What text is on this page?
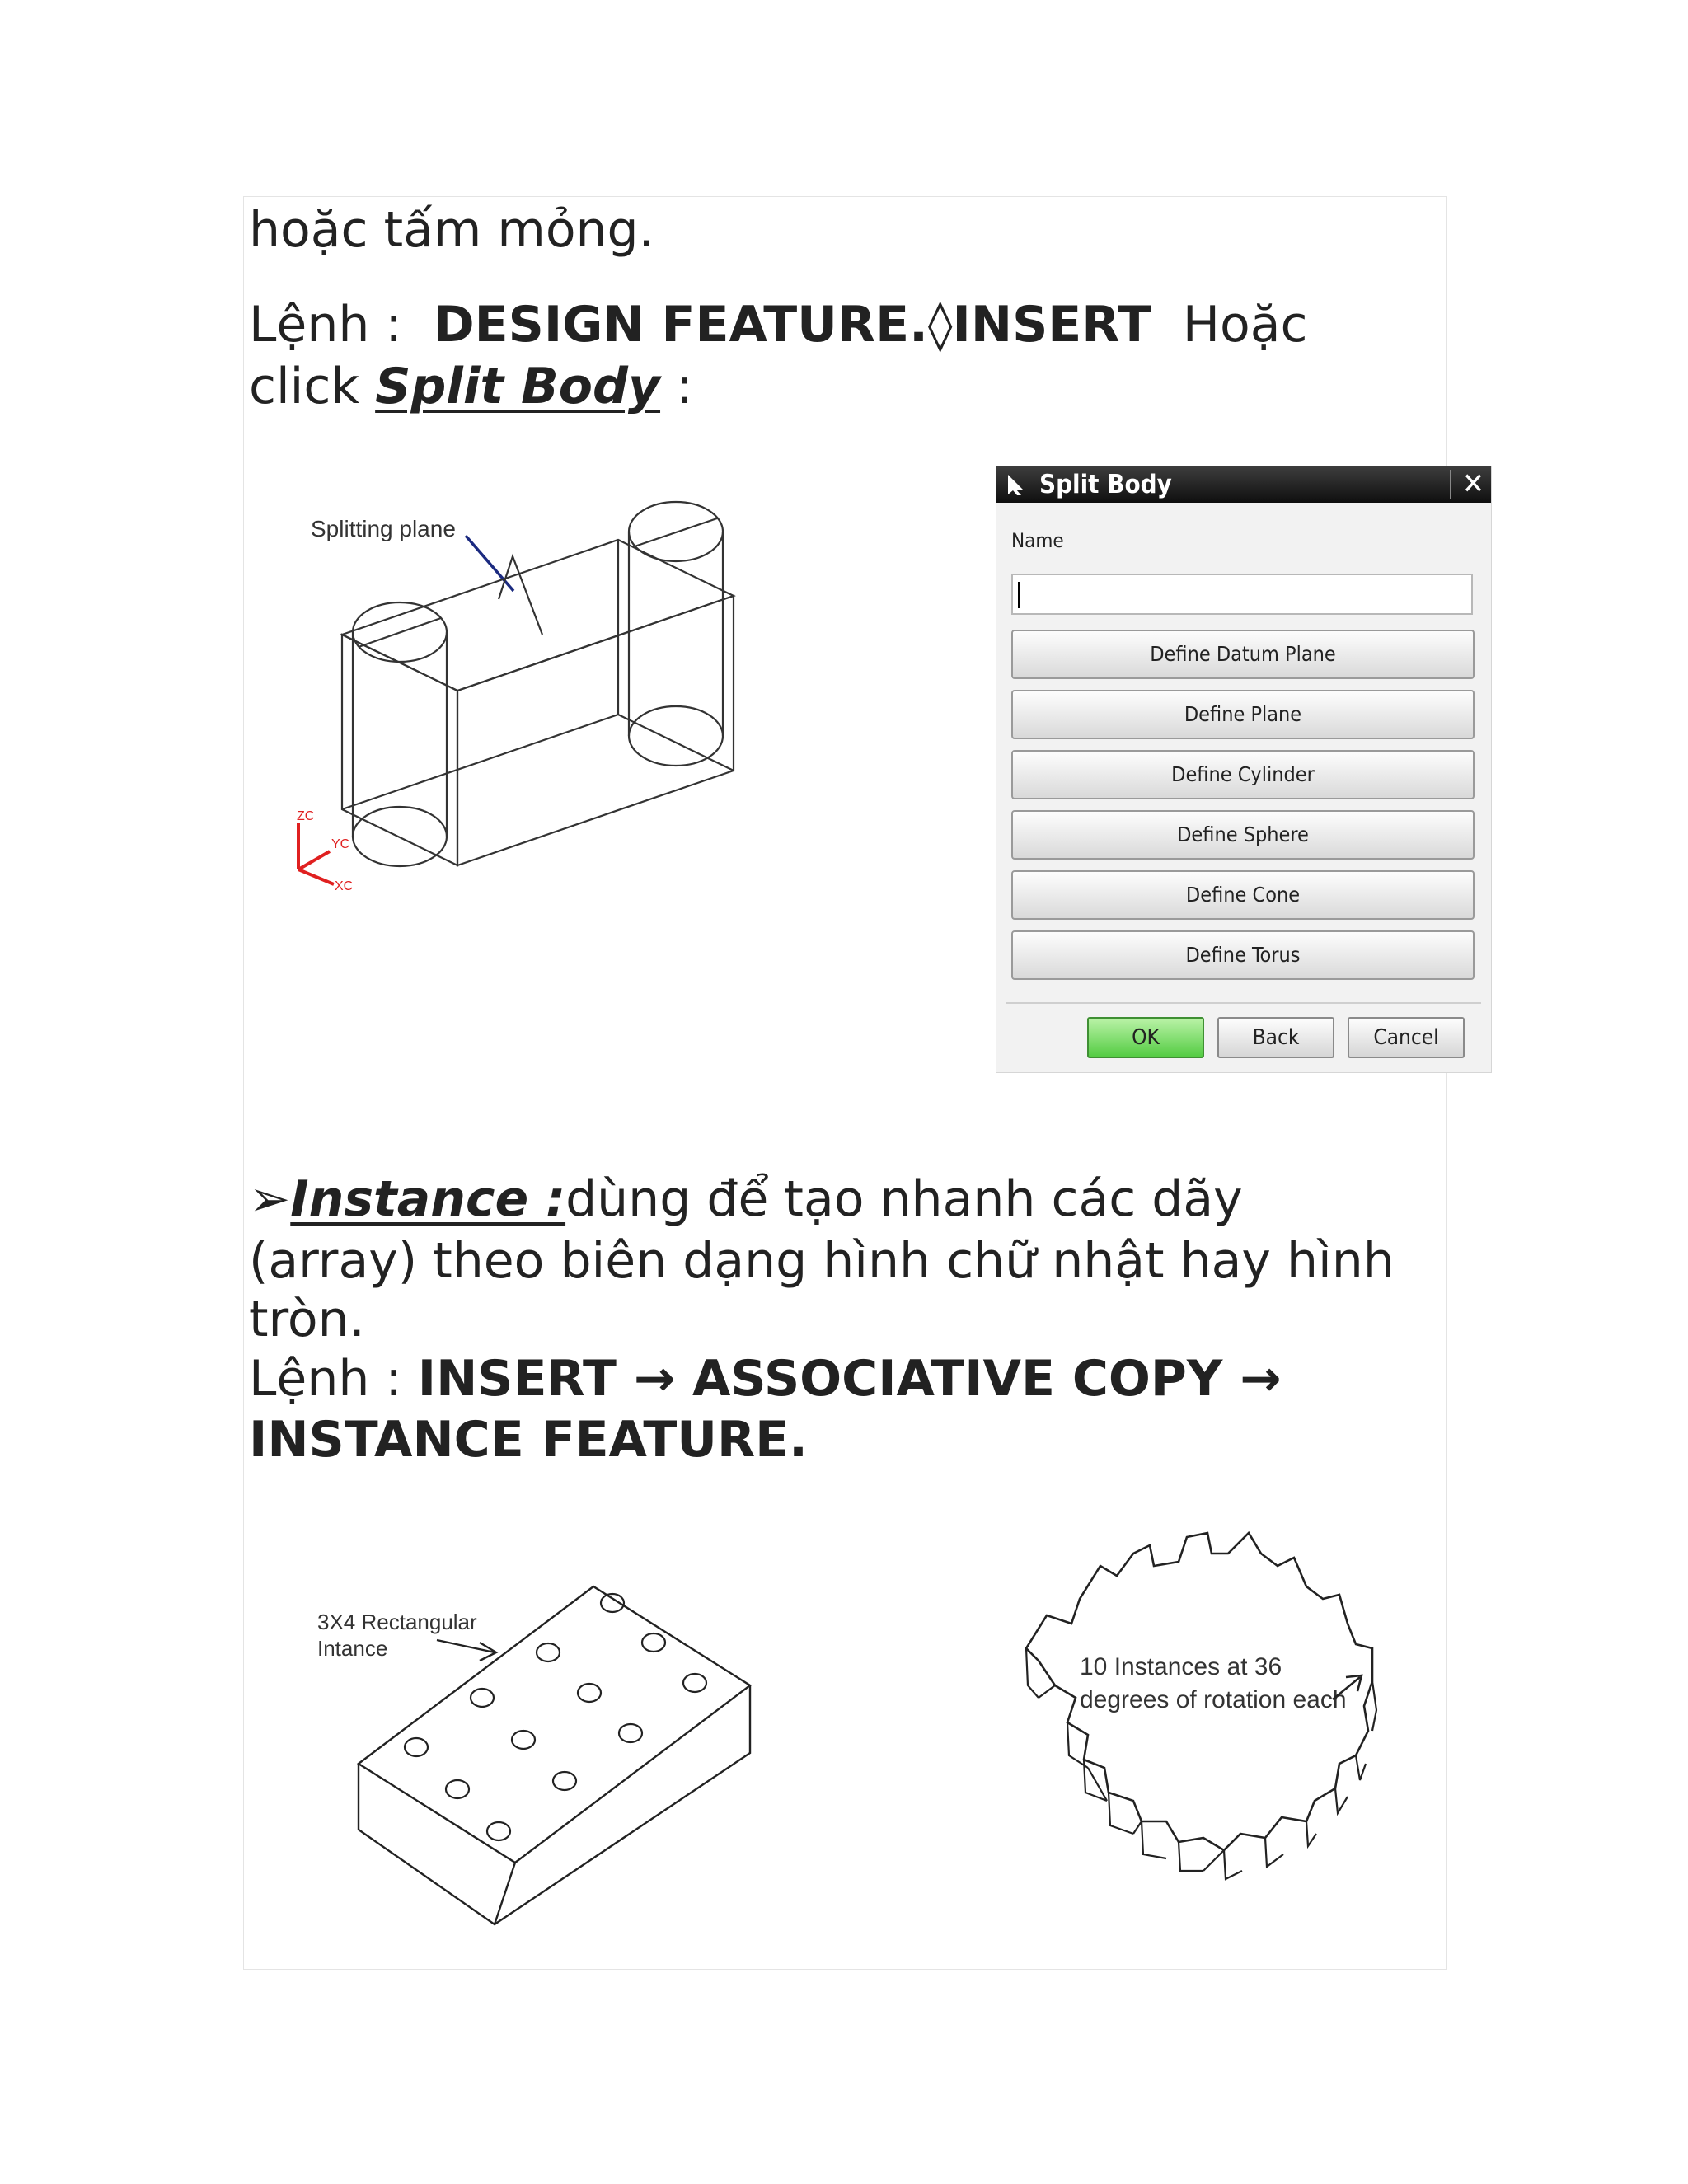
hoặc tấm mỏng.
Lệnh :  DESIGN FEATURE.◊INSERT  Hoặc
click Split Body :
Splitting plane
ZC
YC
XC
Split Body	✕
Name
Define Datum Plane
Define Plane
Define Cylinder
Define Sphere
Define Cone
Define Torus
OK	Back	Cancel
➢Instance :dùng để tạo nhanh các dãy
(array) theo biên dạng hình chữ nhật hay hình
tròn.
Lệnh : INSERT → ASSOCIATIVE COPY →
INSTANCE FEATURE.
3X4 Rectangular
Intance
10 Instances at 36
degrees of rotation each
